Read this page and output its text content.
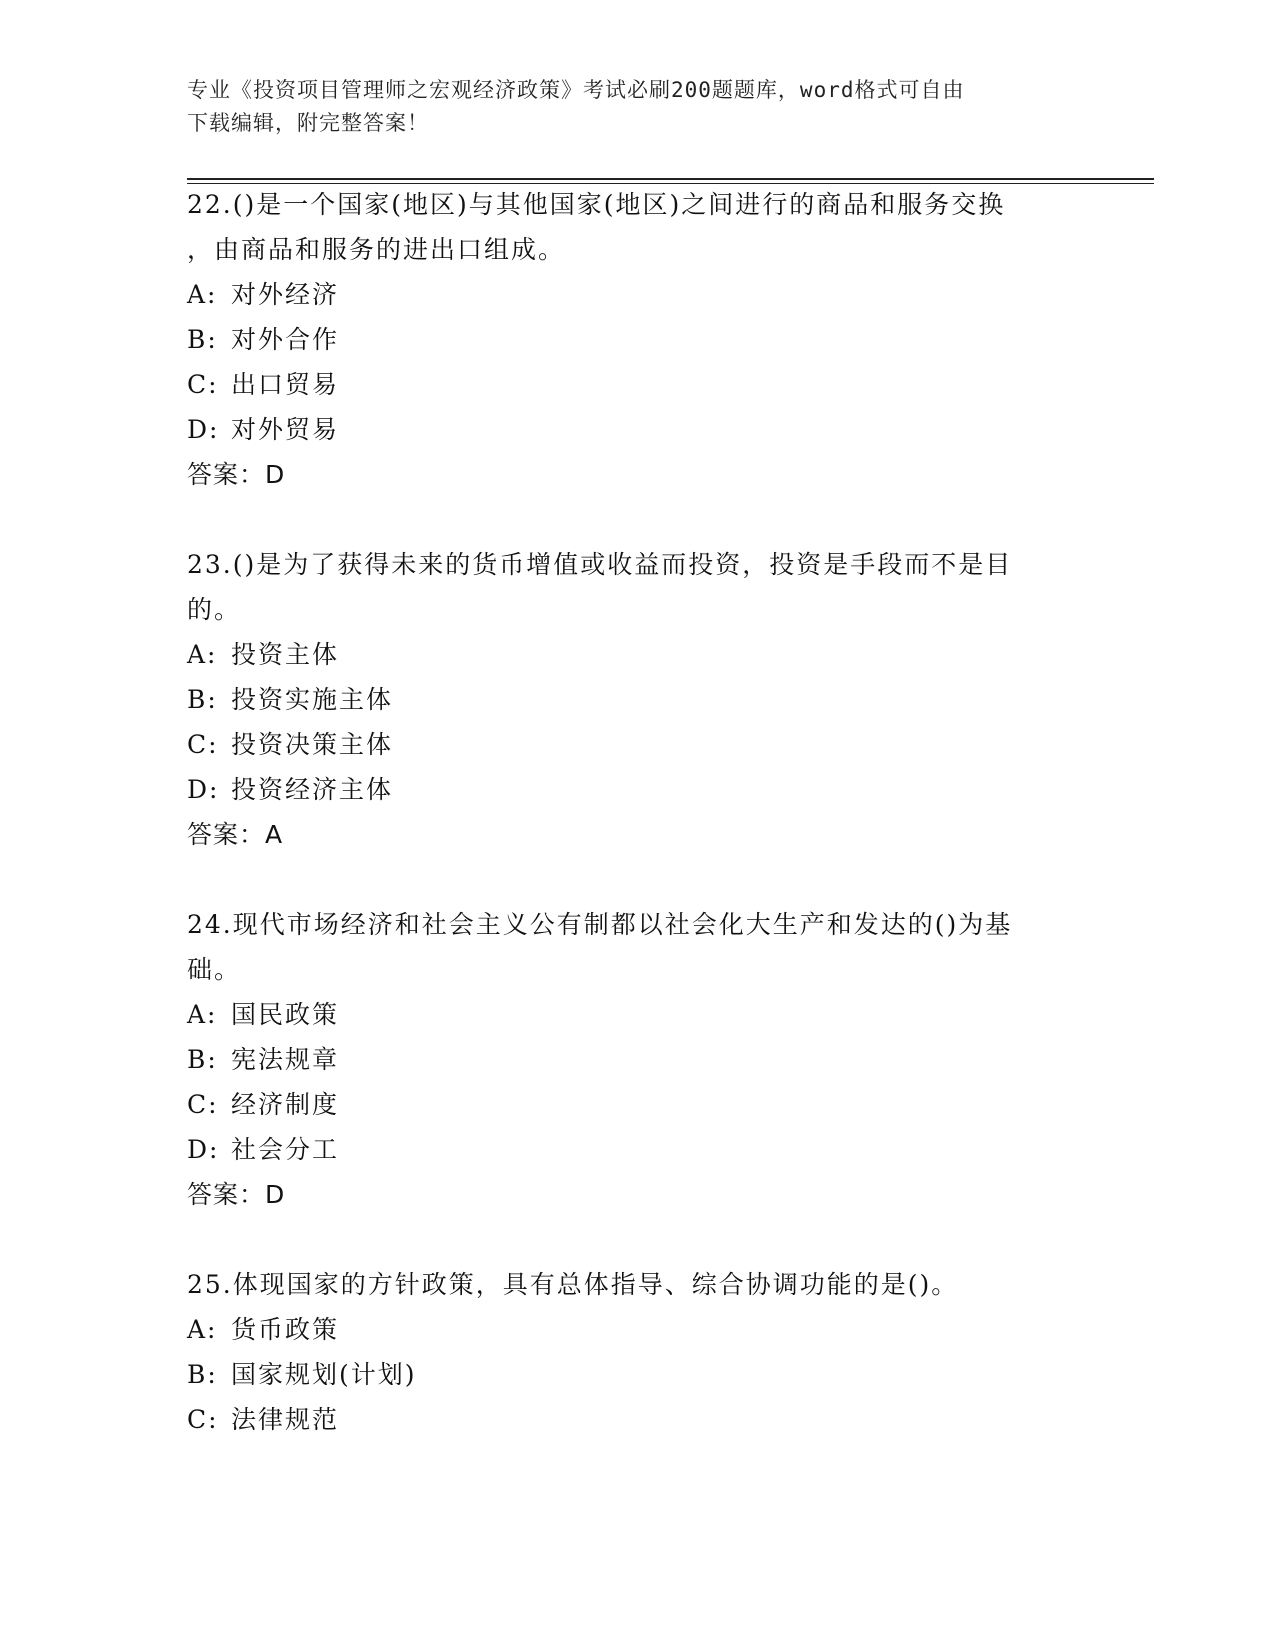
专业《投资项目管理师之宏观经济政策》考试必刷200题题库，word格式可自由
下载编辑，附完整答案！

22.()是一个国家(地区)与其他国家(地区)之间进行的商品和服务交换

，由商品和服务的进出口组成。

A: 对外经济

B: 对外合作

C: 出口贸易

D: 对外贸易

答案：D

23.()是为了获得未来的货币增值或收益而投资，投资是手段而不是目

的。

A: 投资主体

B: 投资实施主体

C: 投资决策主体

D: 投资经济主体

答案：A

24.现代市场经济和社会主义公有制都以社会化大生产和发达的()为基

础。

A: 国民政策

B: 宪法规章

C: 经济制度

D: 社会分工

答案：D

25.体现国家的方针政策，具有总体指导、综合协调功能的是()。

A: 货币政策

B: 国家规划(计划)

C: 法律规范
